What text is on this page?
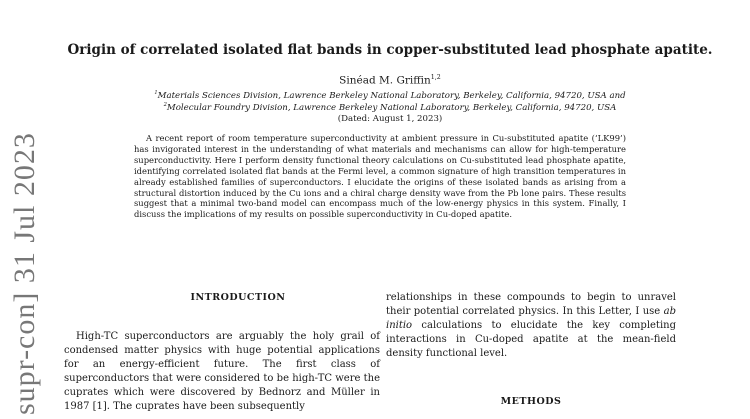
supr-con] 31 Jul 2023
Origin of correlated isolated flat bands in copper-substituted lead phosphate apatite.
Sinéad M. Griffin$^{1,2}$
$^1$Materials Sciences Division, Lawrence Berkeley National Laboratory, Berkeley, California, 94720, USA and
$^2$Molecular Foundry Division, Lawrence Berkeley National Laboratory, Berkeley, California, 94720, USA
(Dated: August 1, 2023)

A recent report of room temperature superconductivity at ambient pressure in Cu-substituted apatite (‘LK99’) has invigorated interest in the understanding of what materials and mechanisms can allow for high-temperature superconductivity. Here I perform density functional theory calculations on Cu-substituted lead phosphate apatite, identifying correlated isolated flat bands at the Fermi level, a common signature of high transition temperatures in already established families of superconductors. I elucidate the origins of these isolated bands as arising from a structural distortion induced by the Cu ions and a chiral charge density wave from the Pb lone pairs. These results suggest that a minimal two-band model can encompass much of the low-energy physics in this system. Finally, I discuss the implications of my results on possible superconductivity in Cu-doped apatite.

INTRODUCTION

High-TC superconductors are arguably the holy grail of condensed matter physics with huge potential applications for an energy-efficient future. The first class of superconductors that were considered to be high-TC were the cuprates which were discovered by Bednorz and Müller in 1987 [1]. The cuprates have been subsequently

relationships in these compounds to begin to unravel their potential correlated physics. In this Letter, I use ab initio calculations to elucidate the key completing interactions in Cu-doped apatite at the mean-field density functional level.

METHODS
